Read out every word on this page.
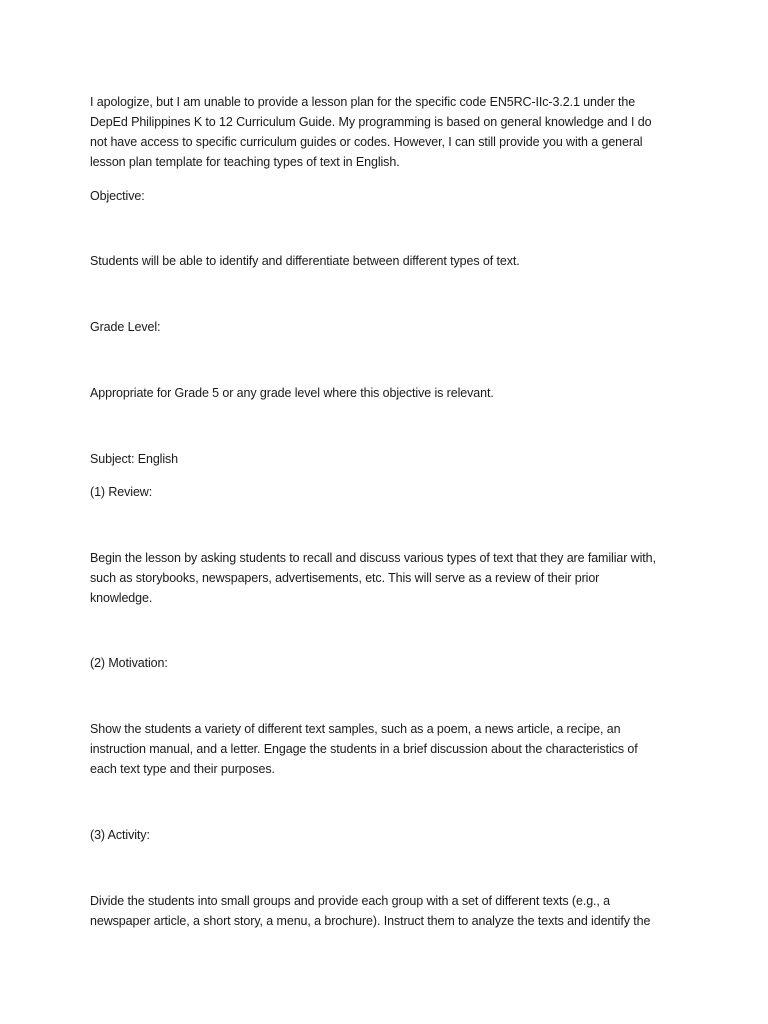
I apologize, but I am unable to provide a lesson plan for the specific code EN5RC-IIc-3.2.1 under the
DepEd Philippines K to 12 Curriculum Guide. My programming is based on general knowledge and I do
not have access to specific curriculum guides or codes. However, I can still provide you with a general
lesson plan template for teaching types of text in English.

Objective:

Students will be able to identify and differentiate between different types of text.

Grade Level:

Appropriate for Grade 5 or any grade level where this objective is relevant.

Subject: English

(1) Review:

Begin the lesson by asking students to recall and discuss various types of text that they are familiar with,
such as storybooks, newspapers, advertisements, etc. This will serve as a review of their prior
knowledge.

(2) Motivation:

Show the students a variety of different text samples, such as a poem, a news article, a recipe, an
instruction manual, and a letter. Engage the students in a brief discussion about the characteristics of
each text type and their purposes.

(3) Activity:

Divide the students into small groups and provide each group with a set of different texts (e.g., a
newspaper article, a short story, a menu, a brochure). Instruct them to analyze the texts and identify the
